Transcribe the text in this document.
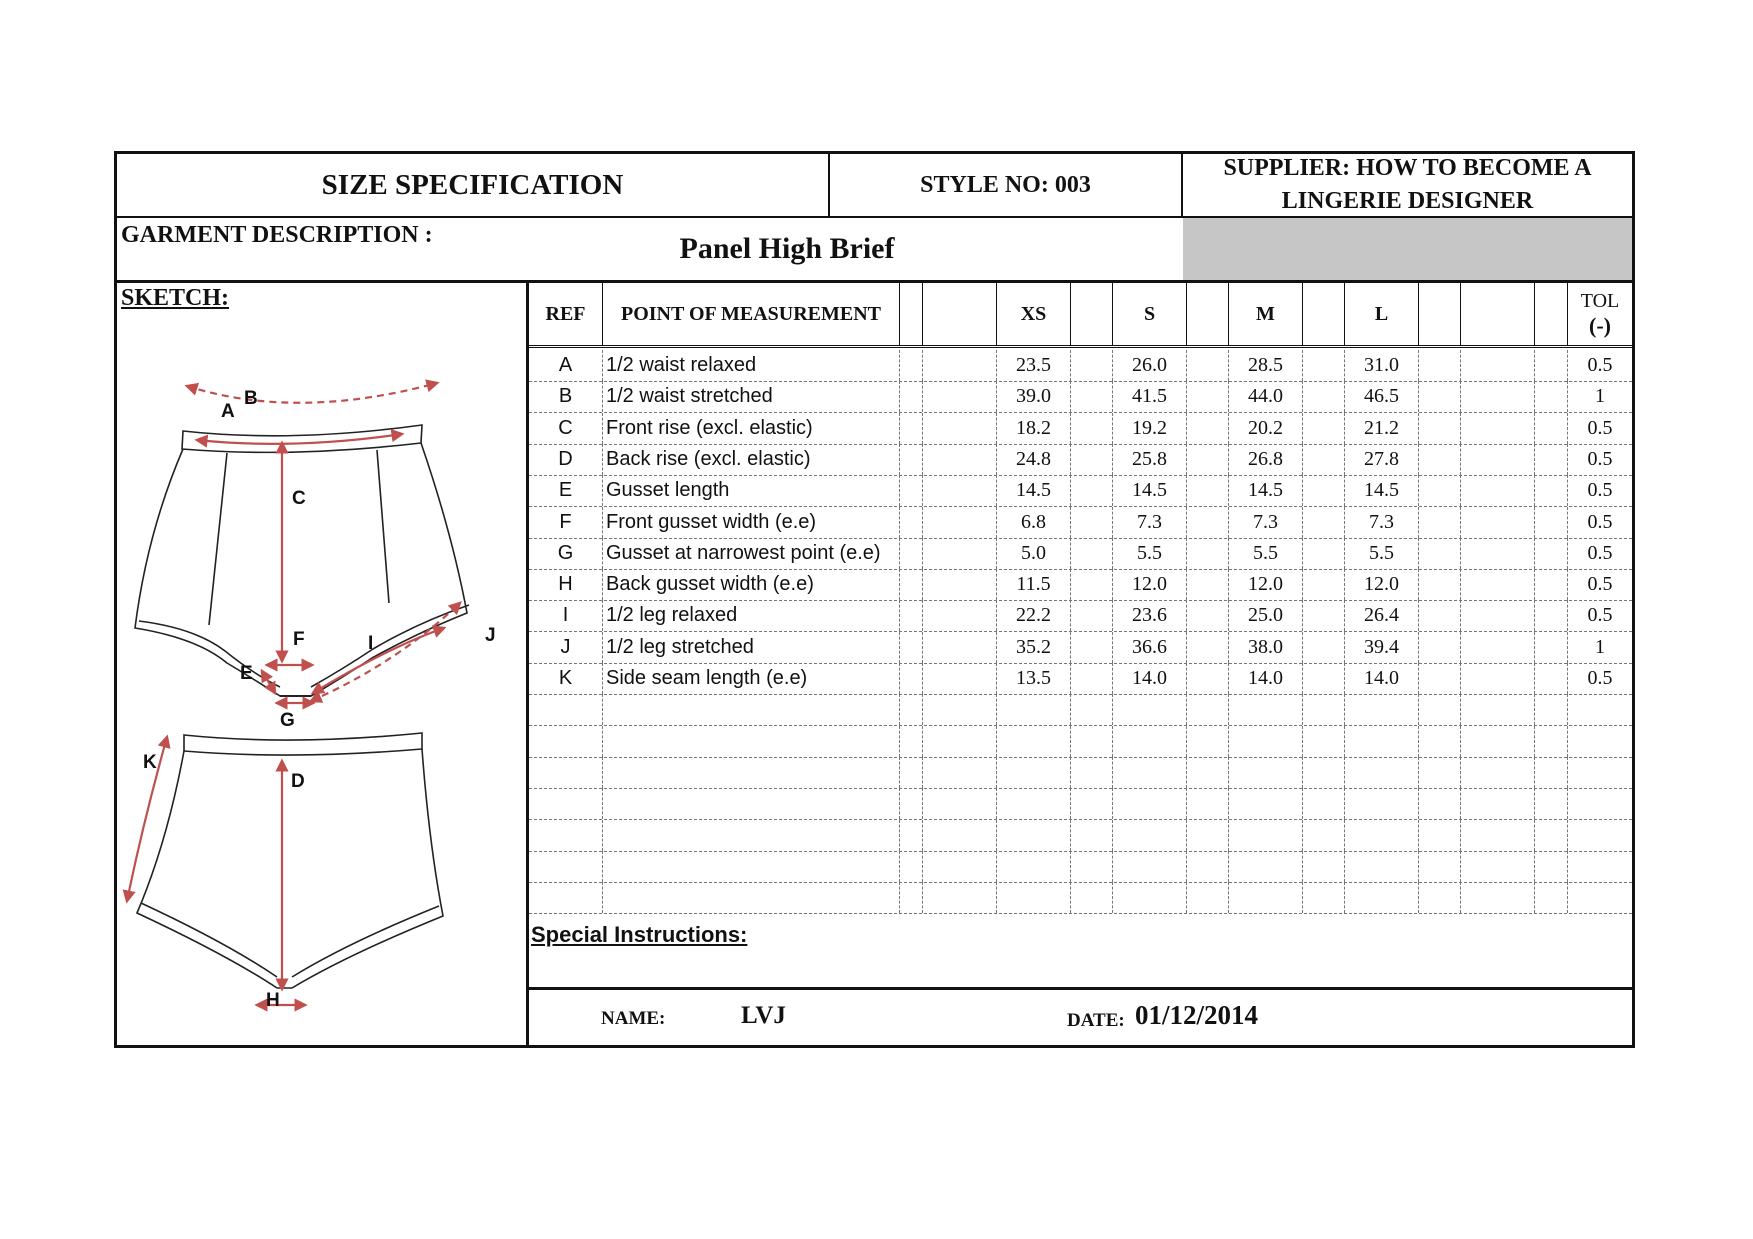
SIZE SPECIFICATION	STYLE NO: 003
SUPPLIER: HOW TO BECOME A
LINGERIE DESIGNER
GARMENT DESCRIPTION :	Panel High Brief
A
B
C
D
E
F
G
H
I	J
K
SKETCH:
REF	POINT OF MEASUREMENT	XS	S	M	L
TOL
(-)
A	1/2 waist relaxed	23.5	26.0	28.5	31.0	0.5
B	1/2 waist stretched	39.0	41.5	44.0	46.5	1
C	Front rise (excl. elastic)	18.2	19.2	20.2	21.2	0.5
D	Back rise (excl. elastic)	24.8	25.8	26.8	27.8	0.5
E	Gusset length	14.5	14.5	14.5	14.5	0.5
F	Front gusset width (e.e)	6.8	7.3	7.3	7.3	0.5
G	Gusset at narrowest point (e.e)	5.0	5.5	5.5	5.5	0.5
H	Back gusset width (e.e)	11.5	12.0	12.0	12.0	0.5
I	1/2 leg relaxed	22.2	23.6	25.0	26.4	0.5
J	1/2 leg stretched	35.2	36.6	38.0	39.4	1
K	Side seam length (e.e)	13.5	14.0	14.0	14.0	0.5
Special Instructions:
NAME:	LVJ	DATE: 01/12/2014
